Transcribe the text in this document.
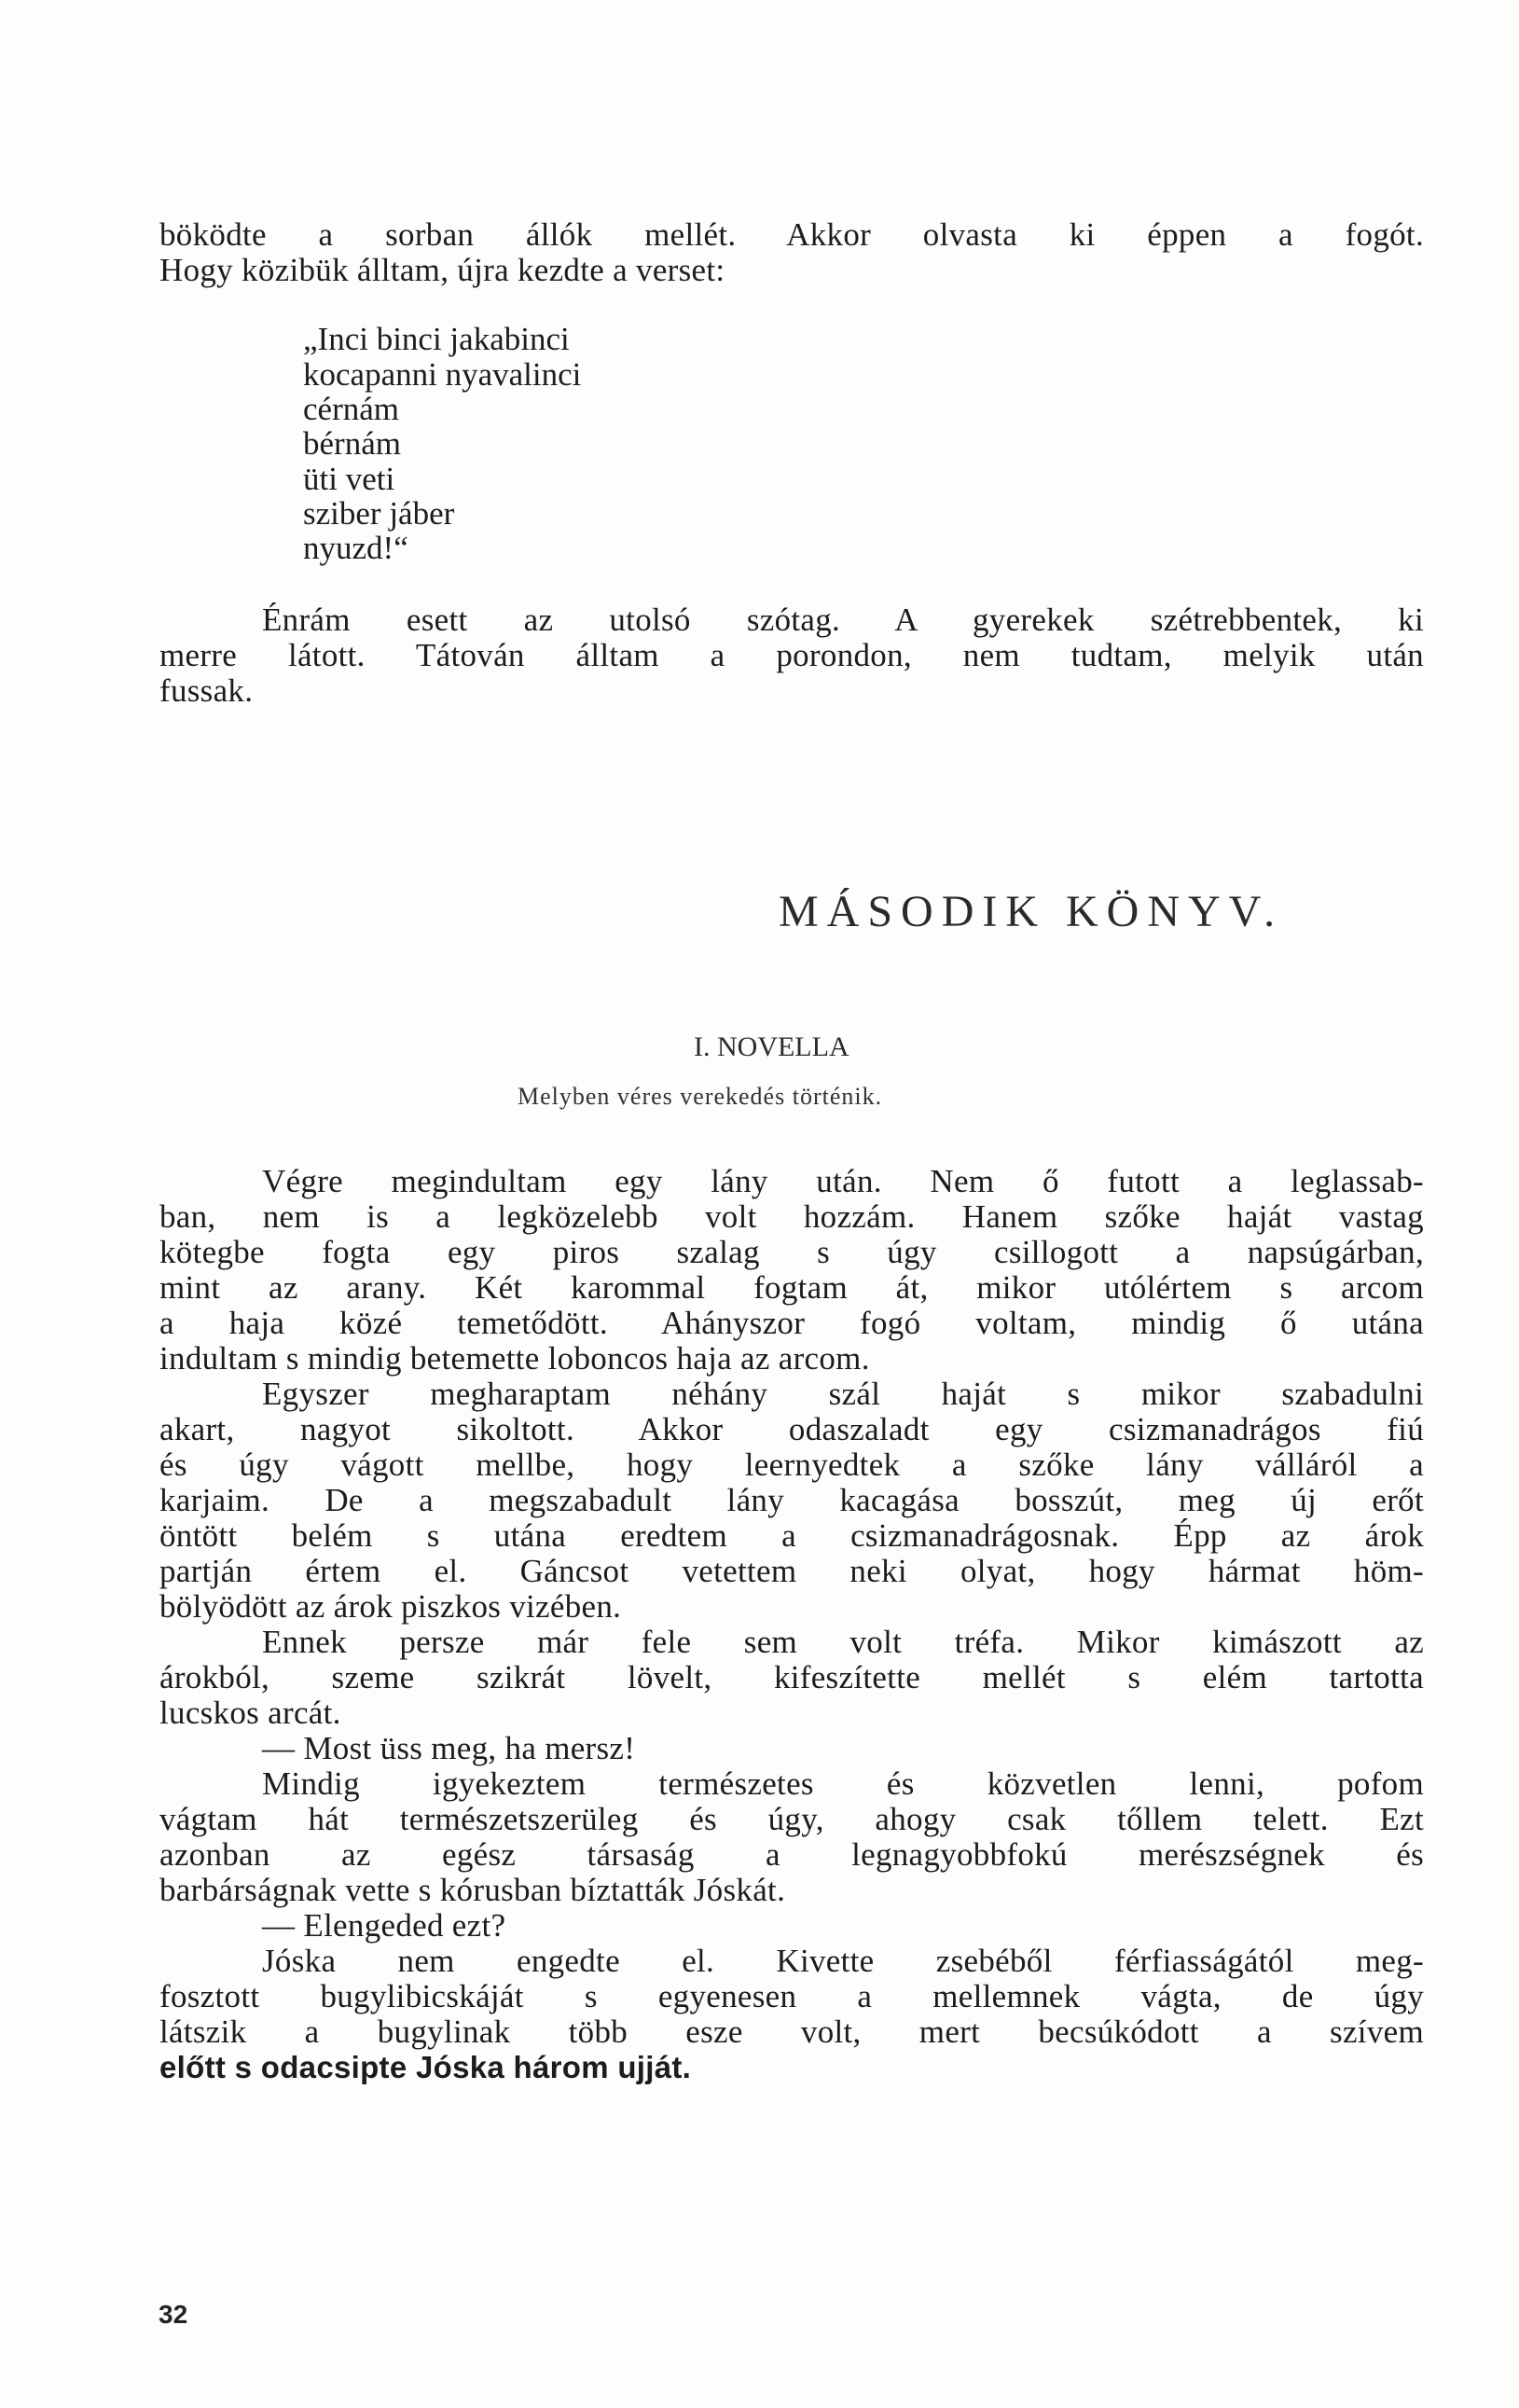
böködte a sorban állók mellét. Akkor olvasta ki éppen a fogót.
Hogy közibük álltam, újra kezdte a verset:
„Inci binci jakabinci
kocapanni nyavalinci
cérnám
bérnám
üti veti
sziber jáber
nyuzd!“
Énrám esett az utolsó szótag. A gyerekek szétrebbentek, ki
merre látott. Tátován álltam a porondon, nem tudtam, melyik után
fussak.
MÁSODIK KÖNYV.
I. NOVELLA
Melyben véres verekedés történik.
Végre megindultam egy lány után. Nem ő futott a leglassab-
ban, nem is a legközelebb volt hozzám. Hanem szőke haját vastag
kötegbe fogta egy piros szalag s úgy csillogott a napsúgárban,
mint az arany. Két karommal fogtam át, mikor utólértem s arcom
a haja közé temetődött. Ahányszor fogó voltam, mindig ő utána
indultam s mindig betemette loboncos haja az arcom.
Egyszer megharaptam néhány szál haját s mikor szabadulni
akart, nagyot sikoltott. Akkor odaszaladt egy csizmanadrágos fiú
és úgy vágott mellbe, hogy leernyedtek a szőke lány válláról a
karjaim. De a megszabadult lány kacagása bosszút, meg új erőt
öntött belém s utána eredtem a csizmanadrágosnak. Épp az árok
partján értem el. Gáncsot vetettem neki olyat, hogy hármat höm-
bölyödött az árok piszkos vizében.
Ennek persze már fele sem volt tréfa. Mikor kimászott az
árokból, szeme szikrát lövelt, kifeszítette mellét s elém tartotta
lucskos arcát.
— Most üss meg, ha mersz!
Mindig igyekeztem természetes és közvetlen lenni, pofom
vágtam hát természetszerüleg és úgy, ahogy csak tőllem telett. Ezt
azonban az egész társaság a legnagyobbfokú merészségnek és
barbárságnak vette s kórusban bíztatták Jóskát.
— Elengeded ezt?
Jóska nem engedte el. Kivette zsebéből férfiasságától meg-
fosztott bugylibicskáját s egyenesen a mellemnek vágta, de úgy
látszik a bugylinak több esze volt, mert becsúkódott a szívem
előtt s odacsipte Jóska három ujját.
32
